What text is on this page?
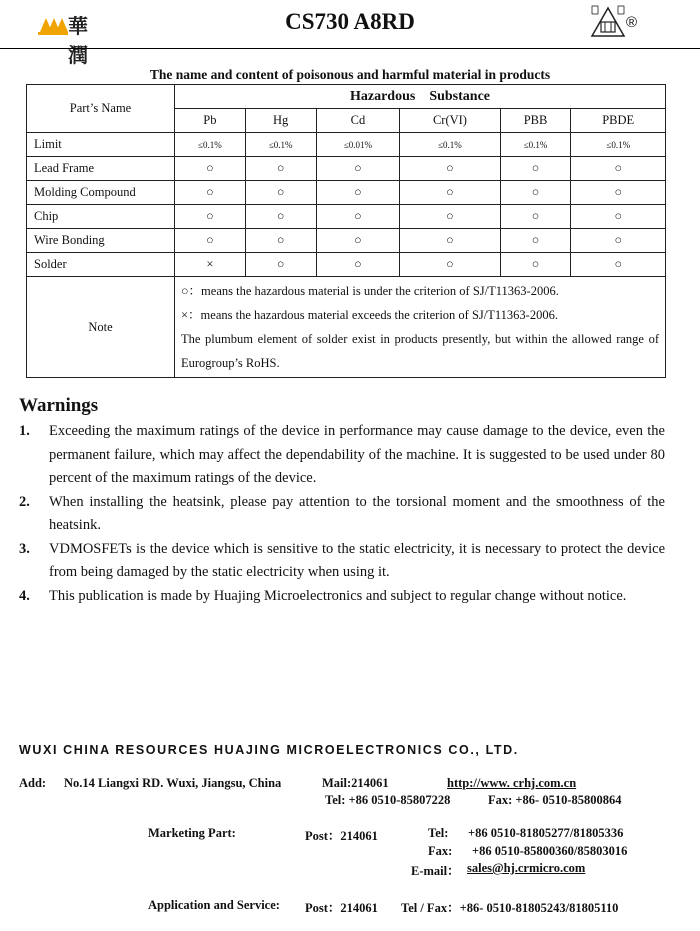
華潤
CS730 A8RD	®
The name and content of poisonous and harmful material in products
Part’s Name	Hazardous    Substance					
	Pb	Hg	Cd	Cr(VI)	PBB	PBDE
Limit	≤0.1%	≤0.1%	≤0.01%	≤0.1%	≤0.1%	≤0.1%
Lead Frame	○	○	○	○	○	○
Molding Compound	○	○	○	○	○	○
Chip	○	○	○	○	○	○
Wire Bonding	○	○	○	○	○	○
Solder	×	○	○	○	○	○
Note	○：means the hazardous material is under the criterion of SJ/T11363-2006.
×：means the hazardous material exceeds the criterion of SJ/T11363-2006.
The plumbum element of solder exist in products presently, but within the allowed range of Eurogroup’s RoHS.					
Warnings
1. Exceeding the maximum ratings of the device in performance may cause damage to the device, even the permanent failure, which may affect the dependability of the machine. It is suggested to be used under 80 percent of the maximum ratings of the device.
2. When installing the heatsink, please pay attention to the torsional moment and the smoothness of the heatsink.
3. VDMOSFETs is the device which is sensitive to the static electricity, it is necessary to protect the device from being damaged by the static electricity when using it.
4. This publication is made by Huajing Microelectronics and subject to regular change without notice.
WUXI CHINA RESOURCES HUAJING MICROELECTRONICS CO., LTD.
Add: No.14 Liangxi RD. Wuxi, Jiangsu, China	Mail:214061	http://www. crhj.com.cn
Tel: +86 0510-85807228	Fax: +86- 0510-85800864
Marketing Part:	Post：214061	Tel: +86 0510-81805277/81805336
Fax: +86 0510-85800360/85803016
E-mail： sales@hj.crmicro.com
Application and Service: Post：214061 Tel / Fax：+86- 0510-81805243/81805110
